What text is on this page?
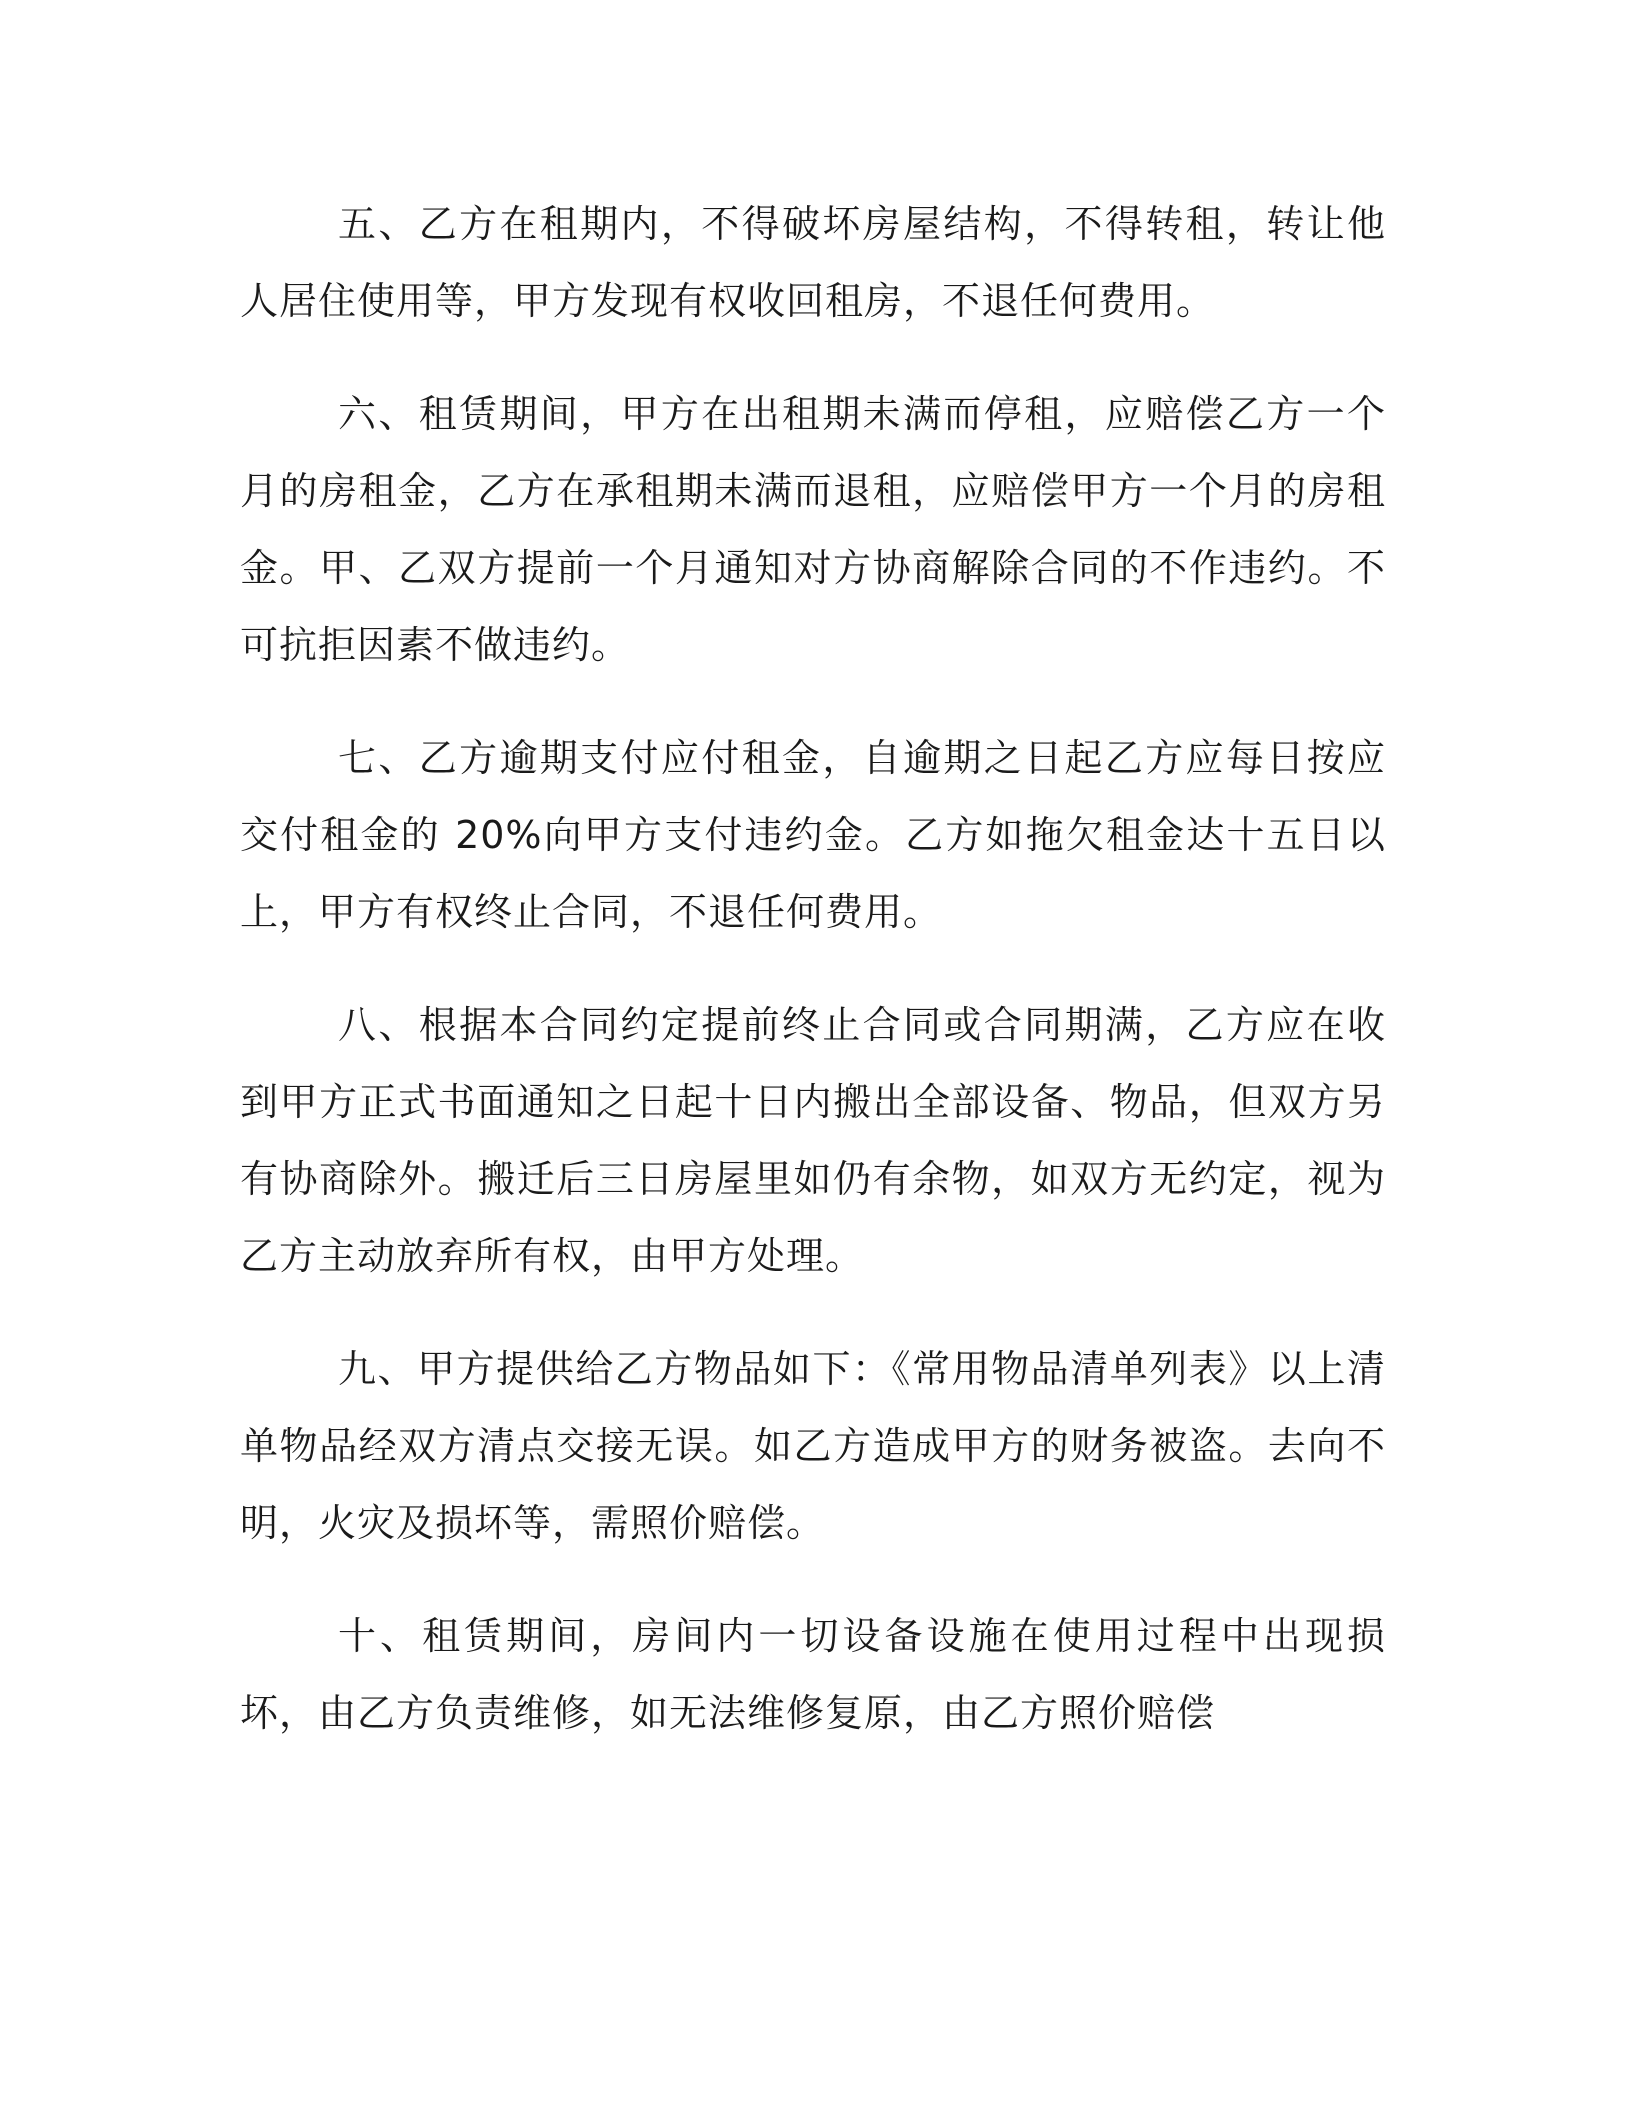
五、乙方在租期内，不得破坏房屋结构，不得转租，转让他人居住使用等，甲方发现有权收回租房，不退任何费用。

六、租赁期间，甲方在出租期未满而停租，应赔偿乙方一个月的房租金，乙方在承租期未满而退租，应赔偿甲方一个月的房租金。甲、乙双方提前一个月通知对方协商解除合同的不作违约。不可抗拒因素不做违约。

七、乙方逾期支付应付租金，自逾期之日起乙方应每日按应交付租金的 20%向甲方支付违约金。乙方如拖欠租金达十五日以上，甲方有权终止合同，不退任何费用。

八、根据本合同约定提前终止合同或合同期满，乙方应在收到甲方正式书面通知之日起十日内搬出全部设备、物品，但双方另有协商除外。搬迁后三日房屋里如仍有余物，如双方无约定，视为乙方主动放弃所有权，由甲方处理。

九、甲方提供给乙方物品如下：《常用物品清单列表》以上清单物品经双方清点交接无误。如乙方造成甲方的财务被盗。去向不明，火灾及损坏等，需照价赔偿。

十、租赁期间，房间内一切设备设施在使用过程中出现损坏，由乙方负责维修，如无法维修复原，由乙方照价赔偿
